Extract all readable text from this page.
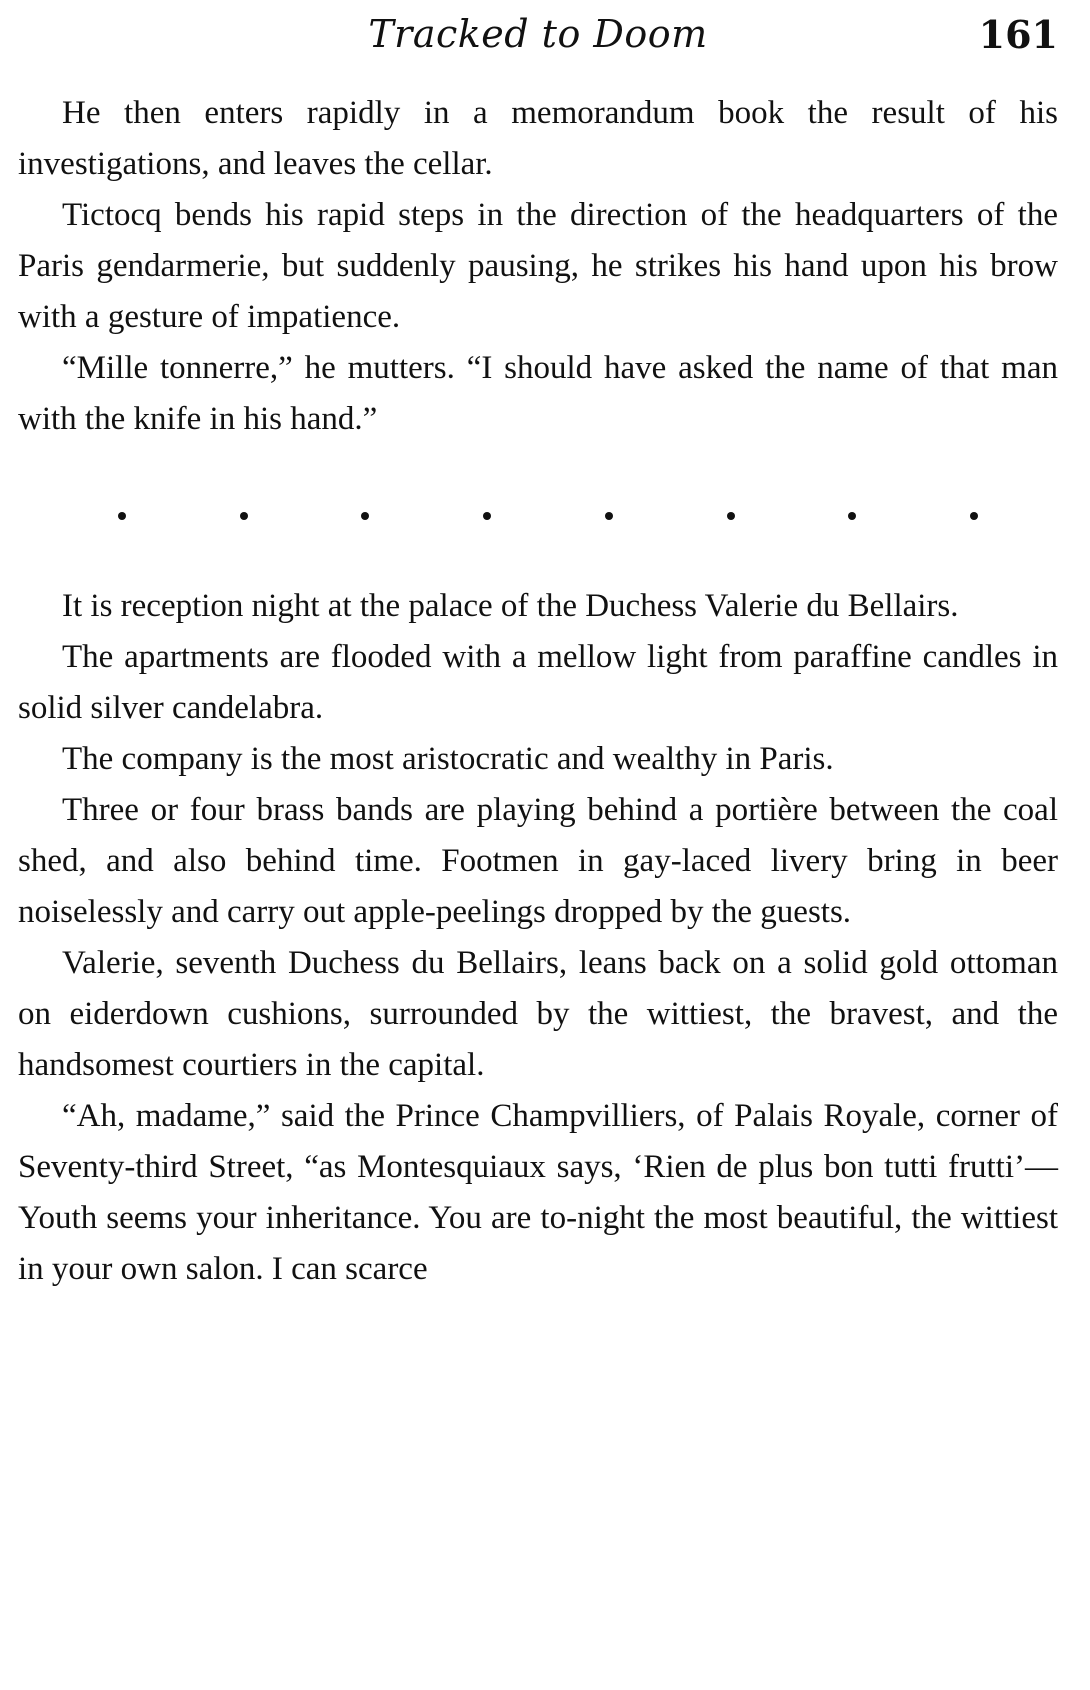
Tracked to Doom	161

He then enters rapidly in a memorandum book the result of his investigations, and leaves the cellar.

Tictocq bends his rapid steps in the direction of the headquarters of the Paris gendarmerie, but suddenly pausing, he strikes his hand upon his brow with a gesture of impatience.

“Mille tonnerre,” he mutters. “I should have asked the name of that man with the knife in his hand.”

It is reception night at the palace of the Duchess Valerie du Bellairs.

The apartments are flooded with a mellow light from paraffine candles in solid silver candelabra.

The company is the most aristocratic and wealthy in Paris.

Three or four brass bands are playing behind a portière between the coal shed, and also behind time. Footmen in gay-laced livery bring in beer noiselessly and carry out apple-peelings dropped by the guests.

Valerie, seventh Duchess du Bellairs, leans back on a solid gold ottoman on eiderdown cushions, surrounded by the wittiest, the bravest, and the handsomest courtiers in the capital.

“Ah, madame,” said the Prince Champvilliers, of Palais Royale, corner of Seventy-third Street, “as Montesquiaux says, ‘Rien de plus bon tutti frutti’—Youth seems your inheritance. You are to-night the most beautiful, the wittiest in your own salon. I can scarce
